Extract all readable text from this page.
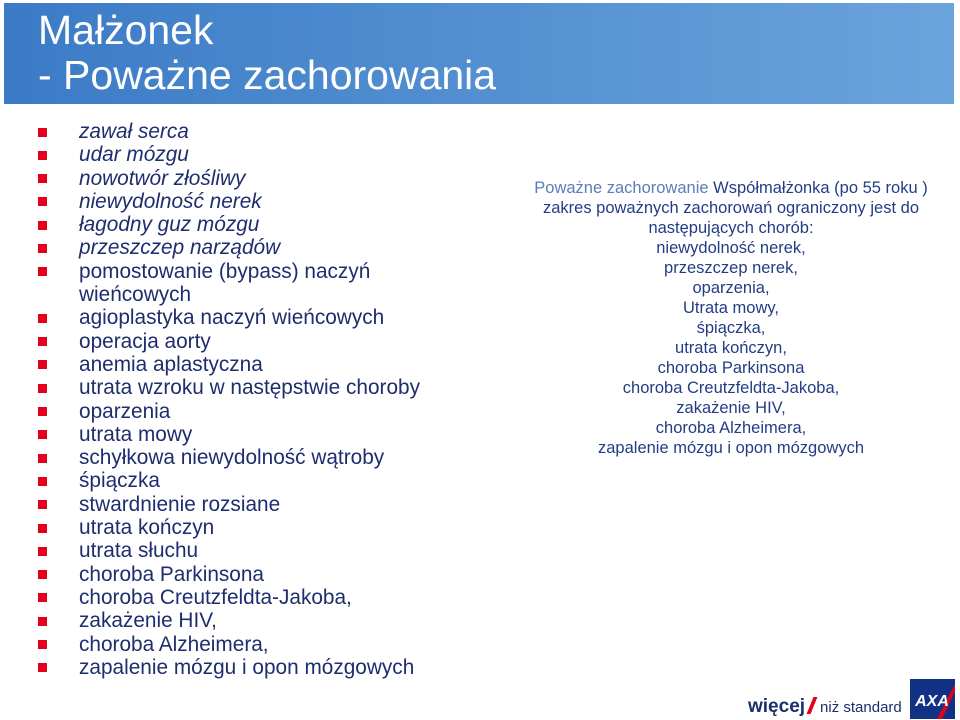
Małżonek
- Poważne zachorowania
zawał serca
udar mózgu
nowotwór złośliwy
niewydolność nerek
łagodny guz mózgu
przeszczep narządów
pomostowanie (bypass) naczyń wieńcowych
agioplastyka naczyń wieńcowych
operacja aorty
anemia aplastyczna
utrata wzroku w następstwie choroby
oparzenia
utrata mowy
schyłkowa niewydolność wątroby
śpiączka
stwardnienie rozsiane
utrata kończyn
utrata słuchu
choroba Parkinsona
choroba Creutzfeldta-Jakoba,
zakażenie HIV,
choroba Alzheimera,
zapalenie mózgu i opon mózgowych
Poważne zachorowanie Współmałżonka (po 55 roku )
zakres poważnych zachorowań ograniczony jest do
następujących chorób:
niewydolność nerek,
przeszczep nerek,
oparzenia,
Utrata mowy,
śpiączka,
utrata kończyn,
choroba Parkinsona
choroba Creutzfeldta-Jakoba,
zakażenie HIV,
choroba Alzheimera,
zapalenie mózgu i opon mózgowych
więcej niż standard AXA
